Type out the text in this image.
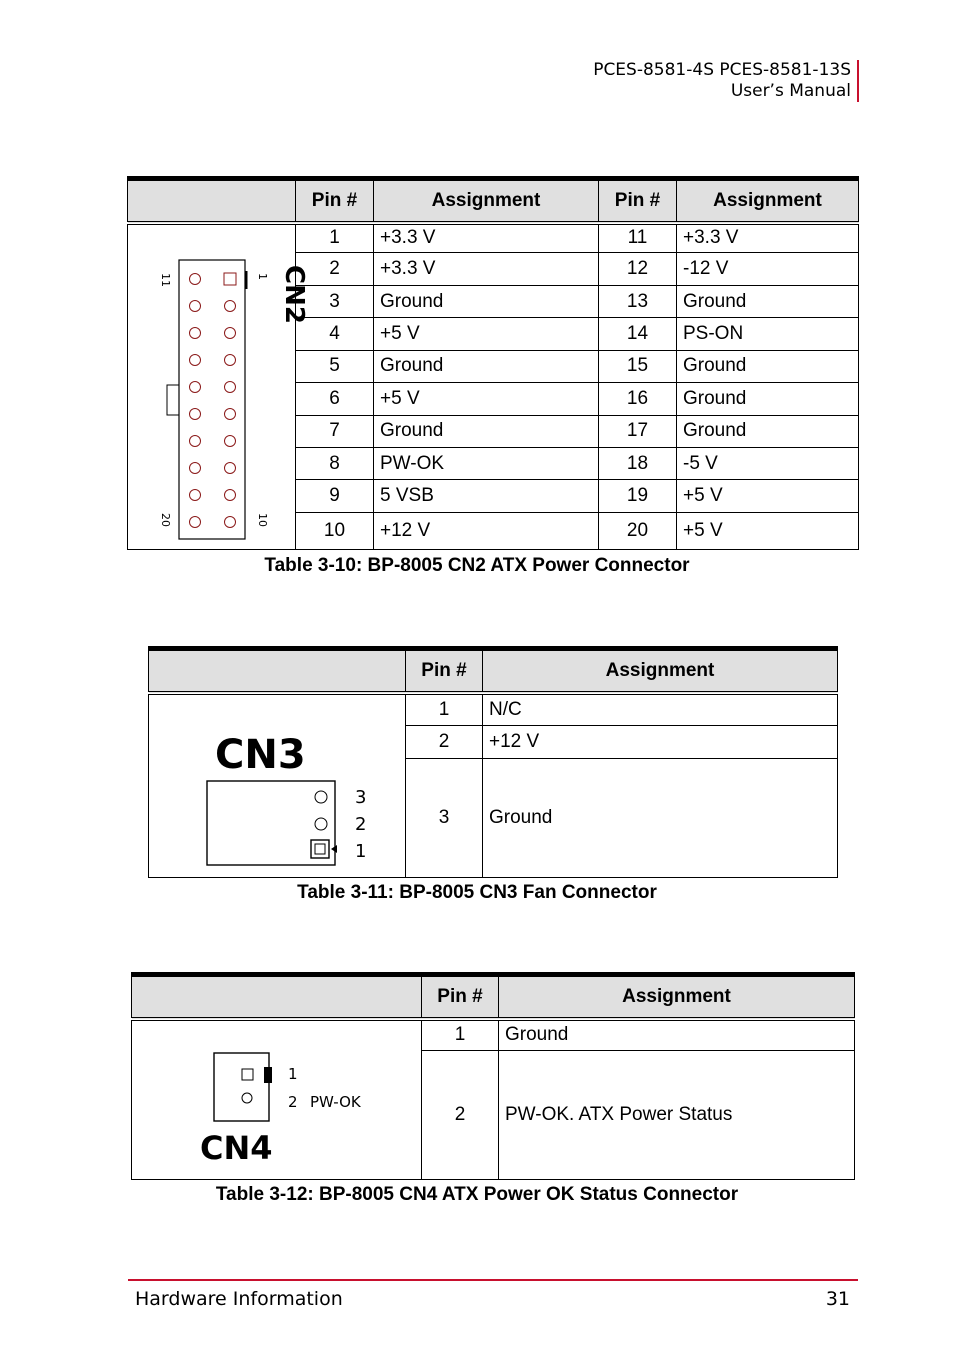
PCES-8581-4S PCES-8581-13S
User’s Manual
	Pin #	Assignment	Pin #	Assignment

CN2
11 1
20 10	1	+3.3 V	11	+3.3 V
	2	+3.3 V	12	-12 V
	3	Ground	13	Ground
	4	+5 V	14	PS-ON
	5	Ground	15	Ground
	6	+5 V	16	Ground
	7	Ground	17	Ground
	8	PW-OK	18	-5 V
	9	5 VSB	19	+5 V
	10	+12 V	20	+5 V
Table 3-10: BP-8005 CN2 ATX Power Connector
	Pin #	Assignment

CN3
3
2
1	1	N/C
	2	+12 V
	3	Ground
Table 3-11: BP-8005 CN3 Fan Connector
	Pin #	Assignment

1
2 PW-OK
CN4	1	Ground
	2	PW-OK. ATX Power Status
Table 3-12: BP-8005 CN4 ATX Power OK Status Connector
Hardware Information	31
